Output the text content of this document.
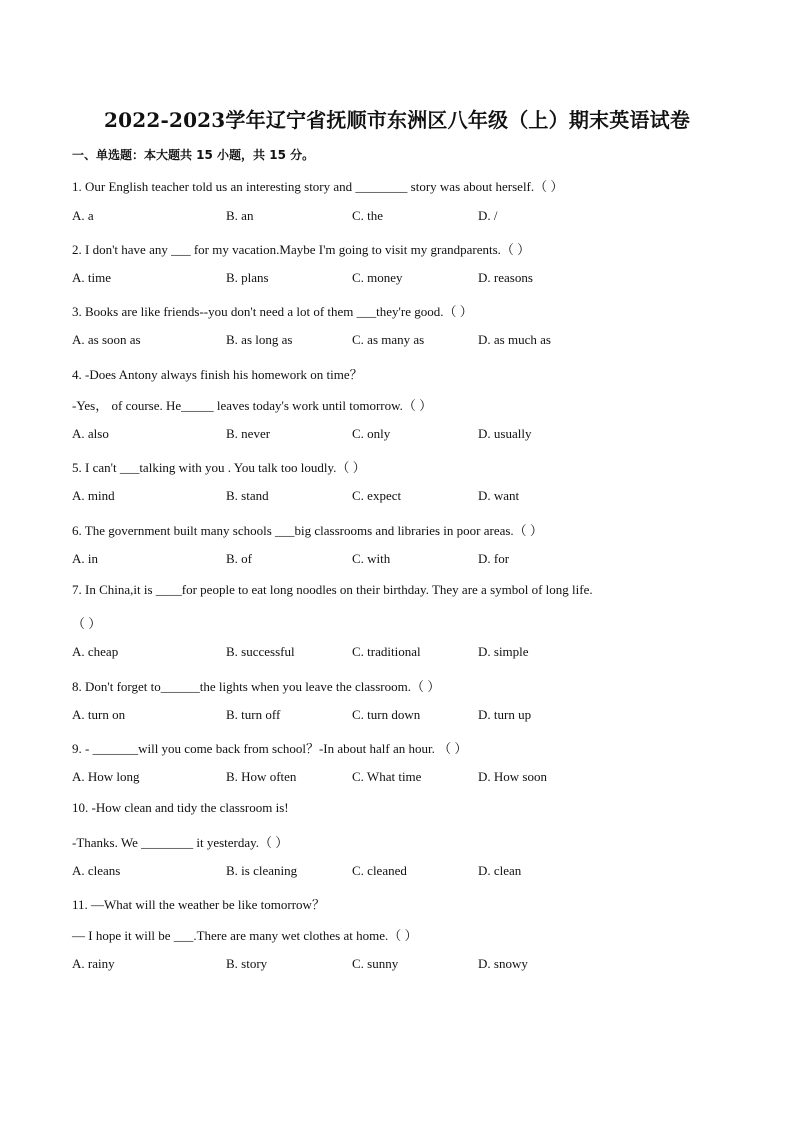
2022-2023学年辽宁省抚顺市东洲区八年级（上）期末英语试卷
一、单选题：本大题共 15 小题，共 15 分。
1. Our English teacher told us an interesting story and ________ story was about herself.（ ）
A. a	B. an	C. the	D. /
2. I don't have any ___ for my vacation.Maybe I'm going to visit my grandparents.（ ）
A. time	B. plans	C. money	D. reasons
3. Books are like friends--you don't need a lot of them ___they're good.（ ）
A. as soon as	B. as long as	C. as many as	D. as much as
4. -Does Antony always finish his homework on time？
-Yes， of course. He_____ leaves today's work until tomorrow.（ ）
A. also	B. never	C. only	D. usually
5. I can't ___talking with you . You talk too loudly.（ ）
A. mind	B. stand	C. expect	D. want
6. The government built many schools ___big classrooms and libraries in poor areas.（ ）
A. in	B. of	C. with	D. for
7. In China,it is ____for people to eat long noodles on their birthday. They are a symbol of long life.
（ ）
A. cheap	B. successful	C. traditional	D. simple
8. Don't forget to______the lights when you leave the classroom.（ ）
A. turn on	B. turn off	C. turn down	D. turn up
9. - _______will you come back from school？-In about half an hour. （ ）
A. How long	B. How often	C. What time	D. How soon
10. -How clean and tidy the classroom is!
-Thanks. We ________ it yesterday.（ ）
A. cleans	B. is cleaning	C. cleaned	D. clean
11. —What will the weather be like tomorrow？
— I hope it will be ___.There are many wet clothes at home.（ ）
A. rainy	B. story	C. sunny	D. snowy
